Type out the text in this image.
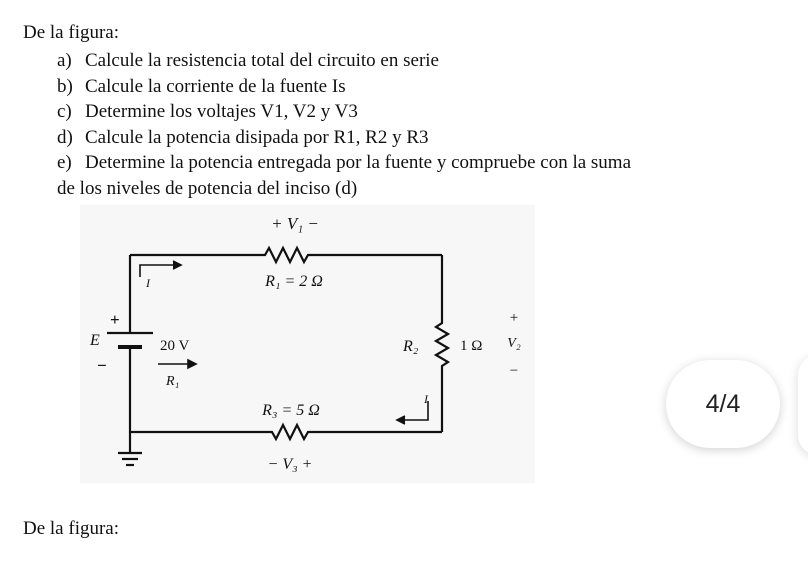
De la figura:
a) Calcule la resistencia total del circuito en serie
b) Calcule la corriente de la fuente Is
c) Determine los voltajes V1, V2 y V3
d) Calcule la potencia disipada por R1, R2 y R3
e) Determine la potencia entregada por la fuente y compruebe con la suma
de los niveles de potencia del inciso (d)
+ V₁ −
R₁ = 2 Ω
I
+
E
−
20 V
R₁
R₂	1 Ω
+
V₂
−
R₃ = 5 Ω
I
− V₃ +
4/4
De la figura:
